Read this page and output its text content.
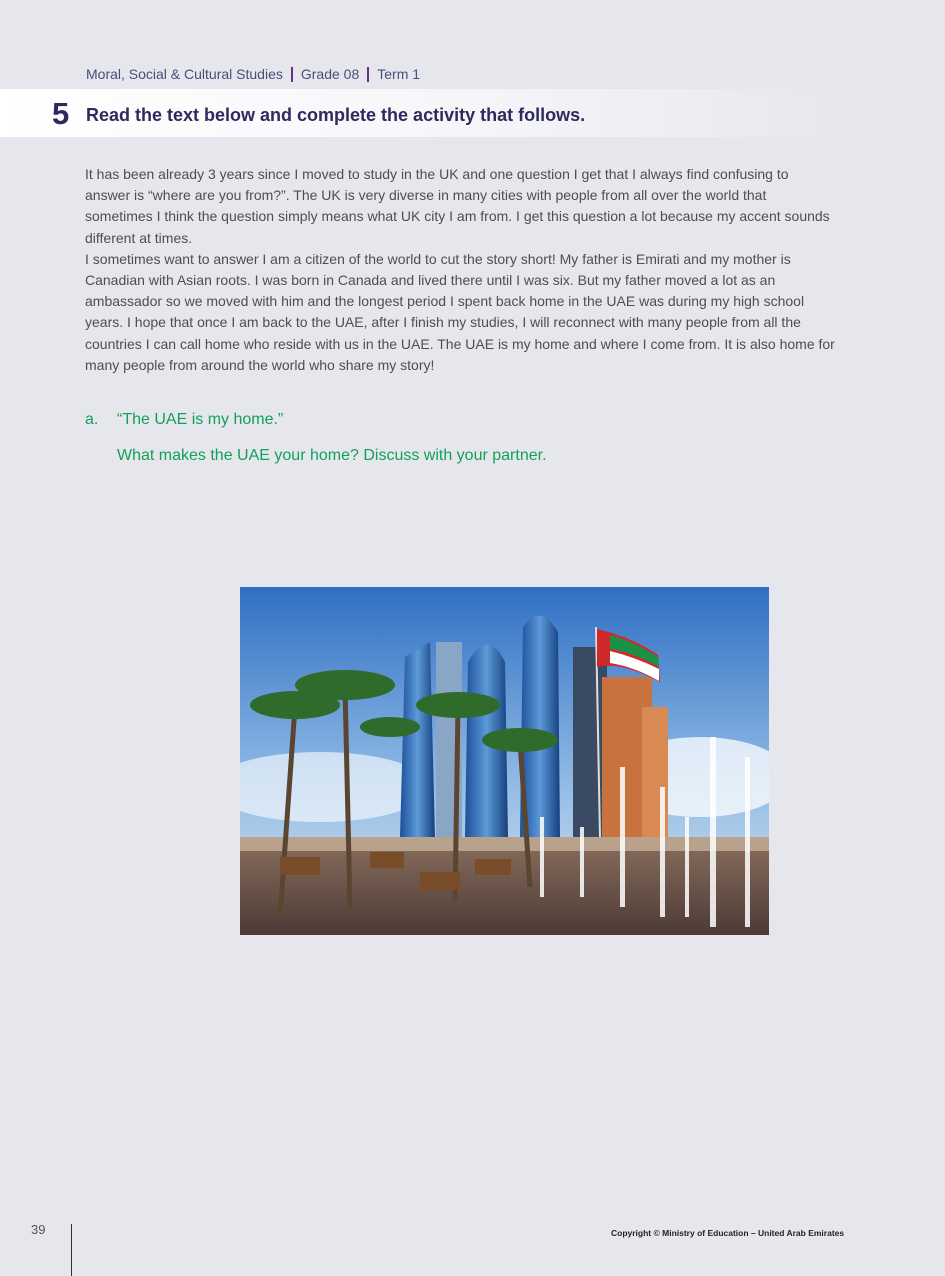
Moral, Social & Cultural Studies Grade 08 Term 1
5 Read the text below and complete the activity that follows.

It has been already 3 years since I moved to study in the UK and one question I get that I always find confusing to answer is “where are you from?”. The UK is very diverse in many cities with people from all over the world that sometimes I think the question simply means what UK city I am from. I get this question a lot because my accent sounds different at times.

I sometimes want to answer I am a citizen of the world to cut the story short! My father is Emirati and my mother is Canadian with Asian roots. I was born in Canada and lived there until I was six. But my father moved a lot as an ambassador so we moved with him and the longest period I spent back home in the UAE was during my high school years. I hope that once I am back to the UAE, after I finish my studies, I will reconnect with many people from all the countries I can call home who reside with us in the UAE. The UAE is my home and where I come from. It is also home for many people from around the world who share my story!

a. “The UAE is my home.”
What makes the UAE your home? Discuss with your partner.
39	Copyright © Ministry of Education – United Arab Emirates
